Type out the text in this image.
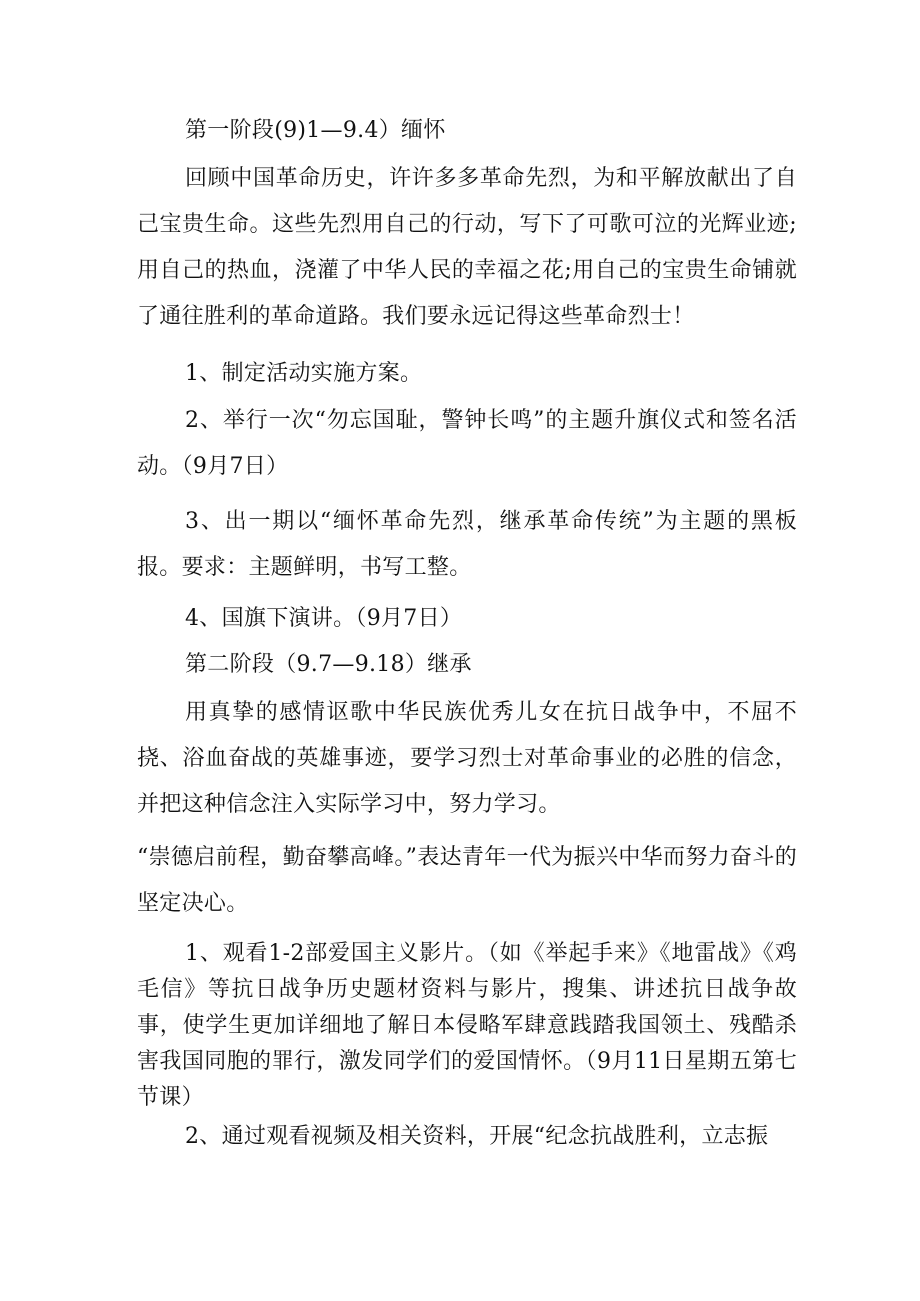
第一阶段(9)1—9.4）缅怀

回顾中国革命历史，许许多多革命先烈，为和平解放献出了自己宝贵生命。这些先烈用自己的行动，写下了可歌可泣的光辉业迹;用自己的热血，浇灌了中华人民的幸福之花;用自己的宝贵生命铺就了通往胜利的革命道路。我们要永远记得这些革命烈士！

1、制定活动实施方案。

2、举行一次“勿忘国耻，警钟长鸣”的主题升旗仪式和签名活动。（9月7日）

3、出一期以“缅怀革命先烈，继承革命传统”为主题的黑板报。要求：主题鲜明，书写工整。

4、国旗下演讲。（9月7日）

第二阶段（9.7—9.18）继承

用真挚的感情讴歌中华民族优秀儿女在抗日战争中，不屈不挠、浴血奋战的英雄事迹，要学习烈士对革命事业的必胜的信念，并把这种信念注入实际学习中，努力学习。

“崇德启前程，勤奋攀高峰。”表达青年一代为振兴中华而努力奋斗的坚定决心。

1、观看1-2部爱国主义影片。（如《举起手来》《地雷战》《鸡毛信》等抗日战争历史题材资料与影片，搜集、讲述抗日战争故事，使学生更加详细地了解日本侵略军肆意践踏我国领土、残酷杀害我国同胞的罪行，激发同学们的爱国情怀。（9月11日星期五第七节课）

2、通过观看视频及相关资料，开展“纪念抗战胜利，立志振
